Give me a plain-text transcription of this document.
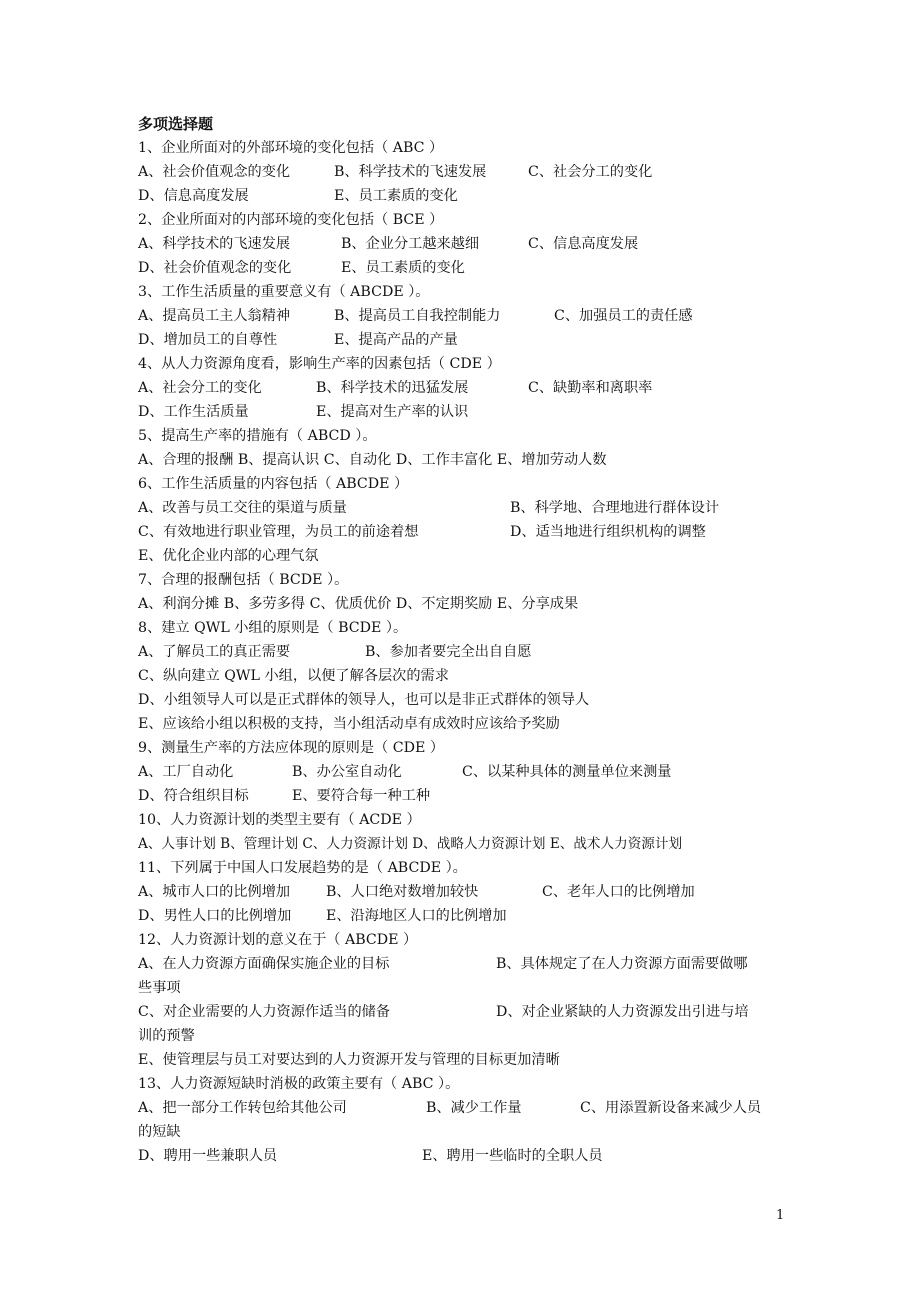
多项选择题
1、企业所面对的外部环境的变化包括（ ABC ）
A、社会价值观念的变化	B、科学技术的飞速发展	C、社会分工的变化
D、信息高度发展	E、员工素质的变化
2、企业所面对的内部环境的变化包括（ BCE ）
A、科学技术的飞速发展	B、企业分工越来越细	C、信息高度发展
D、社会价值观念的变化	E、员工素质的变化
3、工作生活质量的重要意义有（ ABCDE ）。
A、提高员工主人翁精神	B、提高员工自我控制能力	C、加强员工的责任感
D、增加员工的自尊性	E、提高产品的产量
4、从人力资源角度看，影响生产率的因素包括（ CDE ）
A、社会分工的变化	B、科学技术的迅猛发展	C、缺勤率和离职率
D、工作生活质量	E、提高对生产率的认识
5、提高生产率的措施有（ ABCD ）。
A、合理的报酬 B、提高认识 C、自动化 D、工作丰富化 E、增加劳动人数
6、工作生活质量的内容包括（ ABCDE ）
A、改善与员工交往的渠道与质量	B、科学地、合理地进行群体设计
C、有效地进行职业管理，为员工的前途着想	D、适当地进行组织机构的调整
E、优化企业内部的心理气氛
7、合理的报酬包括（ BCDE ）。
A、利润分摊 B、多劳多得 C、优质优价 D、不定期奖励 E、分享成果
8、建立 QWL 小组的原则是（ BCDE ）。
A、了解员工的真正需要	B、参加者要完全出自自愿
C、纵向建立 QWL 小组，以便了解各层次的需求
D、小组领导人可以是正式群体的领导人，也可以是非正式群体的领导人
E、应该给小组以积极的支持，当小组活动卓有成效时应该给予奖励
9、测量生产率的方法应体现的原则是（ CDE ）
A、工厂自动化	B、办公室自动化	C、以某种具体的测量单位来测量
D、符合组织目标	E、要符合每一种工种
10、人力资源计划的类型主要有（ ACDE ）
A、人事计划 B、管理计划 C、人力资源计划 D、战略人力资源计划 E、战术人力资源计划
11、下列属于中国人口发展趋势的是（ ABCDE ）。
A、城市人口的比例增加	B、人口绝对数增加较快	C、老年人口的比例增加
D、男性人口的比例增加 E、沿海地区人口的比例增加
12、人力资源计划的意义在于（ ABCDE ）
A、在人力资源方面确保实施企业的目标	B、具体规定了在人力资源方面需要做哪
些事项
C、对企业需要的人力资源作适当的储备	D、对企业紧缺的人力资源发出引进与培
训的预警
E、使管理层与员工对要达到的人力资源开发与管理的目标更加清晰
13、人力资源短缺时消极的政策主要有（ ABC ）。
A、把一部分工作转包给其他公司	B、减少工作量	C、用添置新设备来减少人员
的短缺
D、聘用一些兼职人员	E、聘用一些临时的全职人员
1
